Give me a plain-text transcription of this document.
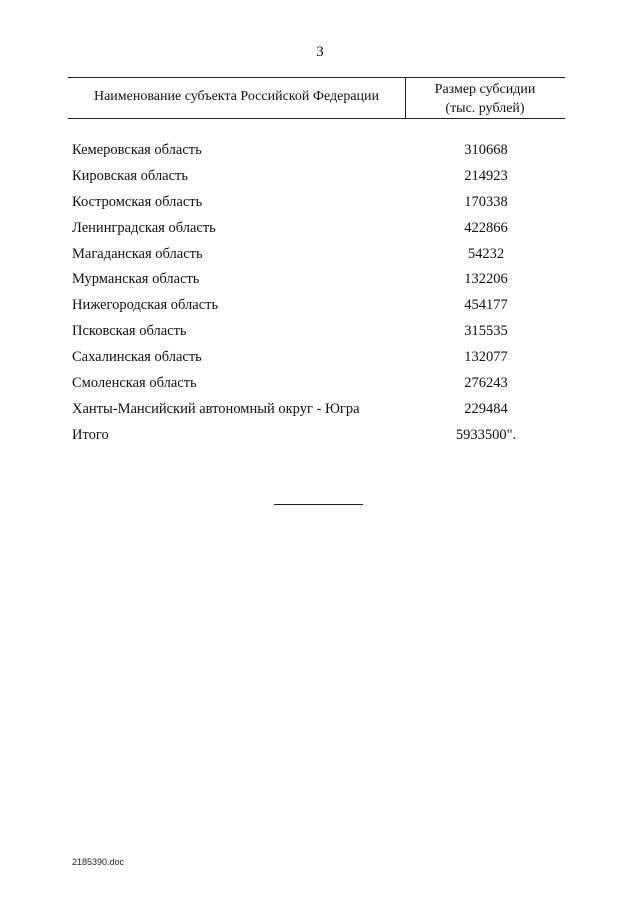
3
Наименование субъекта Российской Федерации	Размер субсидии
(тыс. рублей)
Кемеровская область	310668
Кировская область	214923
Костромская область	170338
Ленинградская область	422866
Магаданская область	54232
Мурманская область	132206
Нижегородская область	454177
Псковская область	315535
Сахалинская область	132077
Смоленская область	276243
Ханты-Мансийский автономный округ - Югра	229484
Итого	5933500".
2185390.doc
